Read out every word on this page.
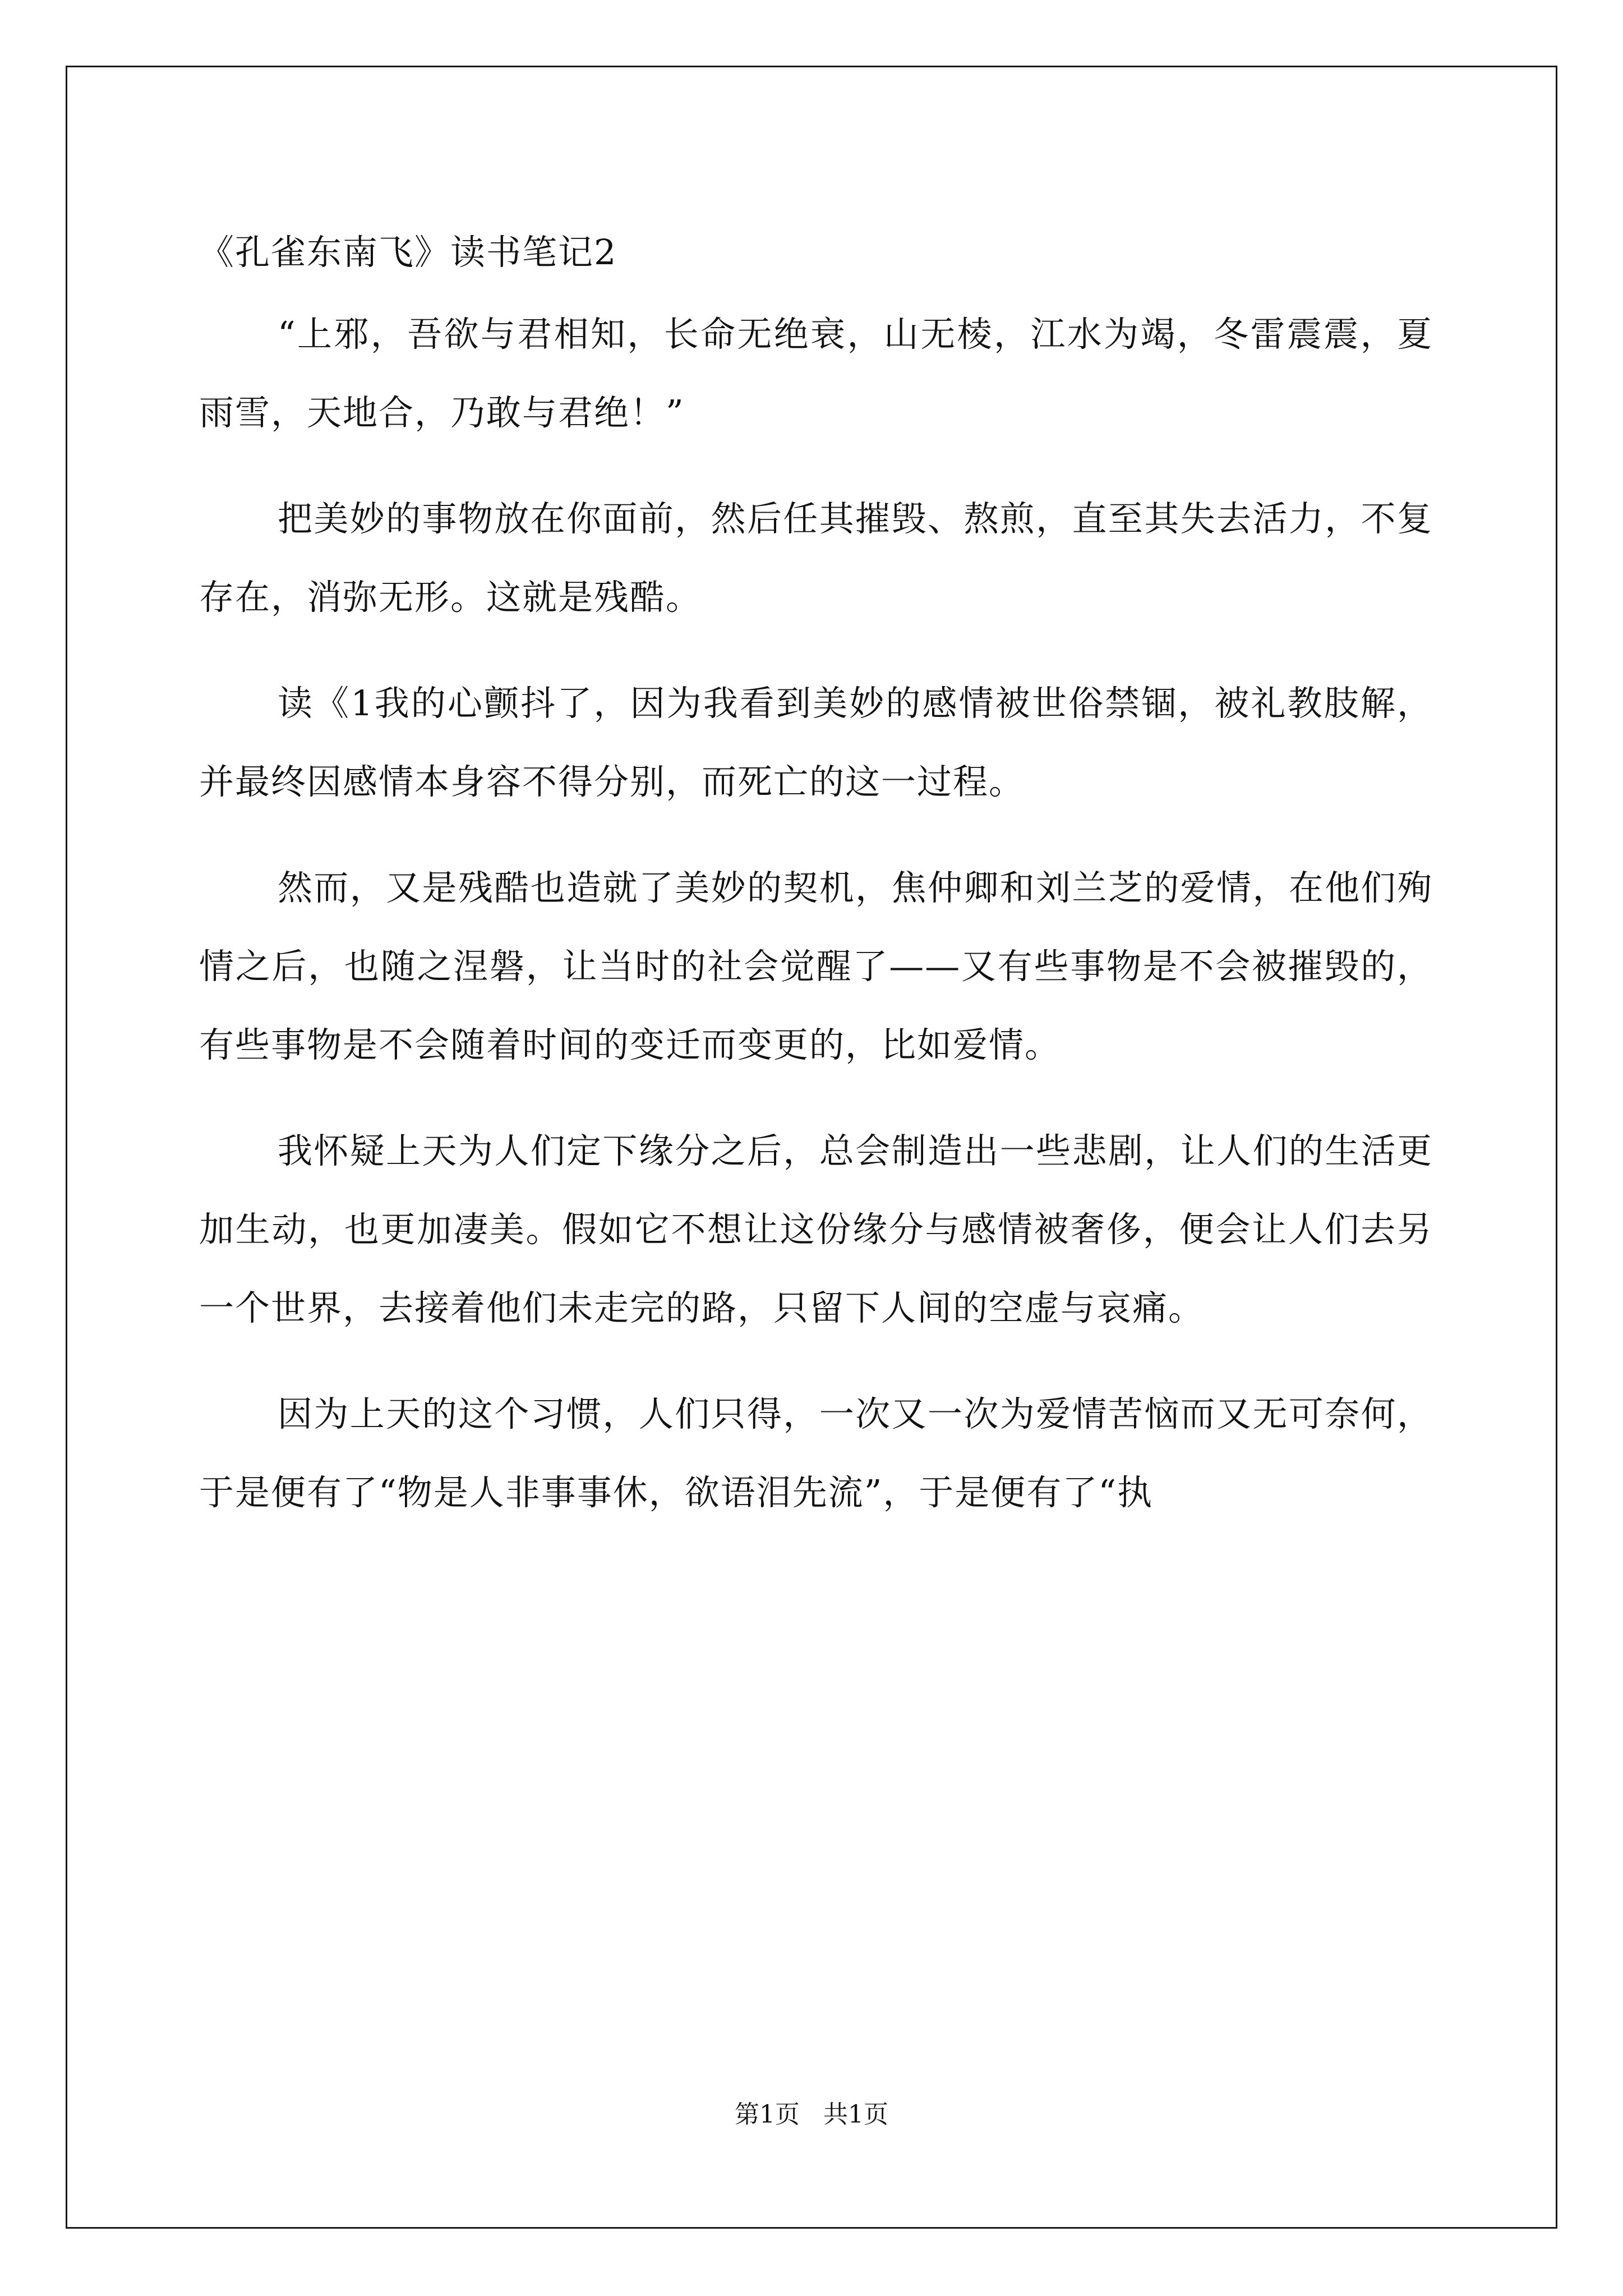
《孔雀东南飞》读书笔记2

“上邪，吾欲与君相知，长命无绝衰，山无棱，江水为竭，冬雷震震，夏雨雪，天地合，乃敢与君绝！”

把美妙的事物放在你面前，然后任其摧毁、熬煎，直至其失去活力，不复存在，消弥无形。这就是残酷。

读《1我的心颤抖了，因为我看到美妙的感情被世俗禁锢，被礼教肢解，并最终因感情本身容不得分别，而死亡的这一过程。

然而，又是残酷也造就了美妙的契机，焦仲卿和刘兰芝的爱情，在他们殉情之后，也随之涅磐，让当时的社会觉醒了——又有些事物是不会被摧毁的，有些事物是不会随着时间的变迁而变更的，比如爱情。

我怀疑上天为人们定下缘分之后，总会制造出一些悲剧，让人们的生活更加生动，也更加凄美。假如它不想让这份缘分与感情被奢侈，便会让人们去另一个世界，去接着他们未走完的路，只留下人间的空虚与哀痛。

因为上天的这个习惯，人们只得，一次又一次为爱情苦恼而又无可奈何，于是便有了“物是人非事事休，欲语泪先流”，于是便有了“执

第1页   共1页
